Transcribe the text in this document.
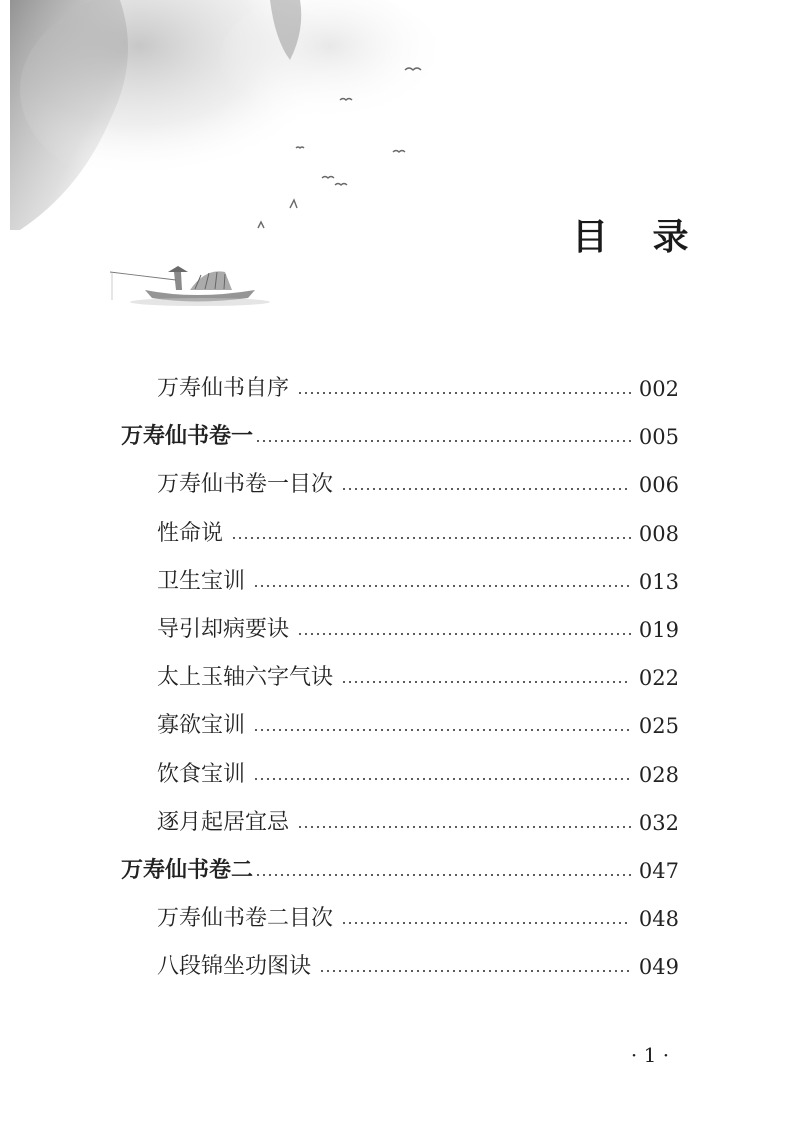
目 录
万寿仙书自序	002
万寿仙书卷一	005
万寿仙书卷一目次	006
性命说	008
卫生宝训	013
导引却病要诀	019
太上玉轴六字气诀	022
寡欲宝训	025
饮食宝训	028
逐月起居宜忌	032
万寿仙书卷二	047
万寿仙书卷二目次	048
八段锦坐功图诀	049
· 1 ·
